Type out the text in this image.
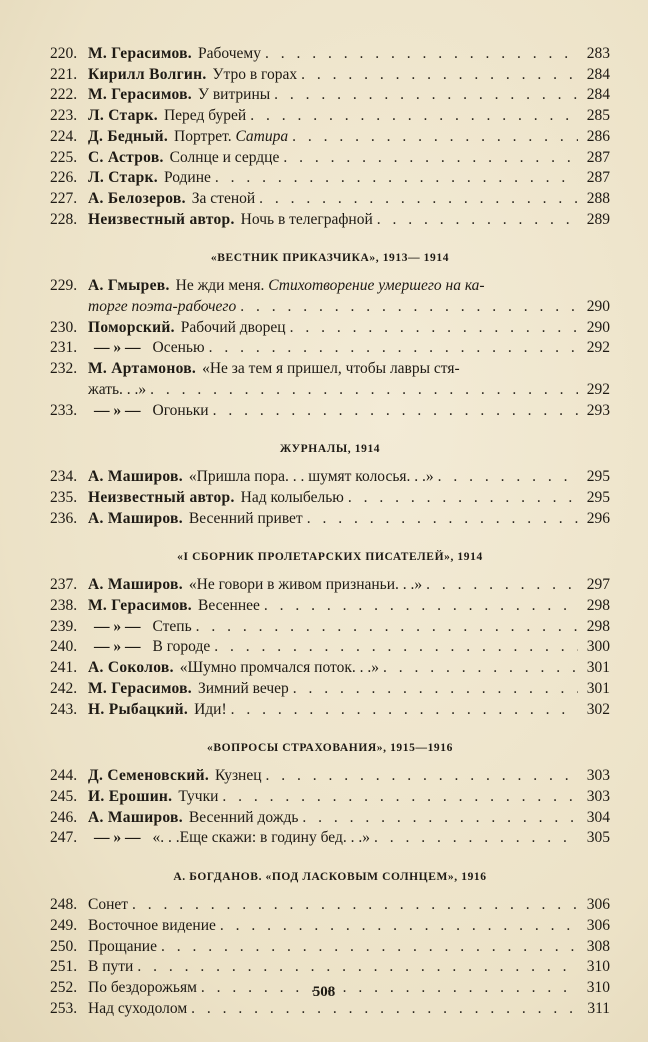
220. М. Герасимов. Рабочему . . .	283
221. Кирилл Волгин. Утро в горах . . .	284
222. М. Герасимов. У витрины . . .	284
223. Л. Старк. Перед бурей . . .	285
224. Д. Бедный. Портрет. Сатира . . .	286
225. С. Астров. Солнце и сердце . . .	287
226. Л. Старк. Родине . . .	287
227. А. Белозеров. За стеной . . .	288
228. Неизвестный автор. Ночь в телеграфной . . .	289
«ВЕСТНИК ПРИКАЗЧИКА», 1913— 1914
229. А. Гмырев. Не жди меня. Стихотворение умершего на ка-
торге поэта-рабочего . . .	290
230. Поморский. Рабочий дворец . . .	290
231.	— » — Осенью . . .	292
232. М. Артамонов. «Не за тем я пришел, чтобы лавры стя-
жать. . .» . . .	292
233.	— » — Огоньки . . .	293
ЖУРНАЛЫ, 1914
234. А. Маширов. «Пришла пора. . . шумят колосья. . .» . . .	295
235. Неизвестный автор. Над колыбелью . . .	295
236. А. Маширов. Весенний привет . . .	296
«I СБОРНИК ПРОЛЕТАРСКИХ ПИСАТЕЛЕЙ», 1914
237. А. Маширов. «Не говори в живом признаньи. . .» . . .	297
238. М. Герасимов. Весеннее . . .	298
239.	— » — Степь . . .	298
240.	— » — В городе . . .	300
241. А. Соколов. «Шумно промчался поток. . .» . . .	301
242. М. Герасимов. Зимний вечер . . .	301
243. Н. Рыбацкий. Иди! . . .	302
«ВОПРОСЫ СТРАХОВАНИЯ», 1915—1916
244. Д. Семеновский. Кузнец . . .	303
245. И. Ерошин. Тучки . . .	303
246. А. Маширов. Весенний дождь . . .	304
247.	— » — «. . .Еще скажи: в годину бед. . .» . . .	305
А. БОГДАНОВ. «ПОД ЛАСКОВЫМ СОЛНЦЕМ», 1916
248. Сонет . . .	306
249. Восточное видение . . .	306
250. Прощание . . .	308
251. В пути . . .	310
252. По бездорожьям . . .	310
253. Над суходолом . . .	311
508
